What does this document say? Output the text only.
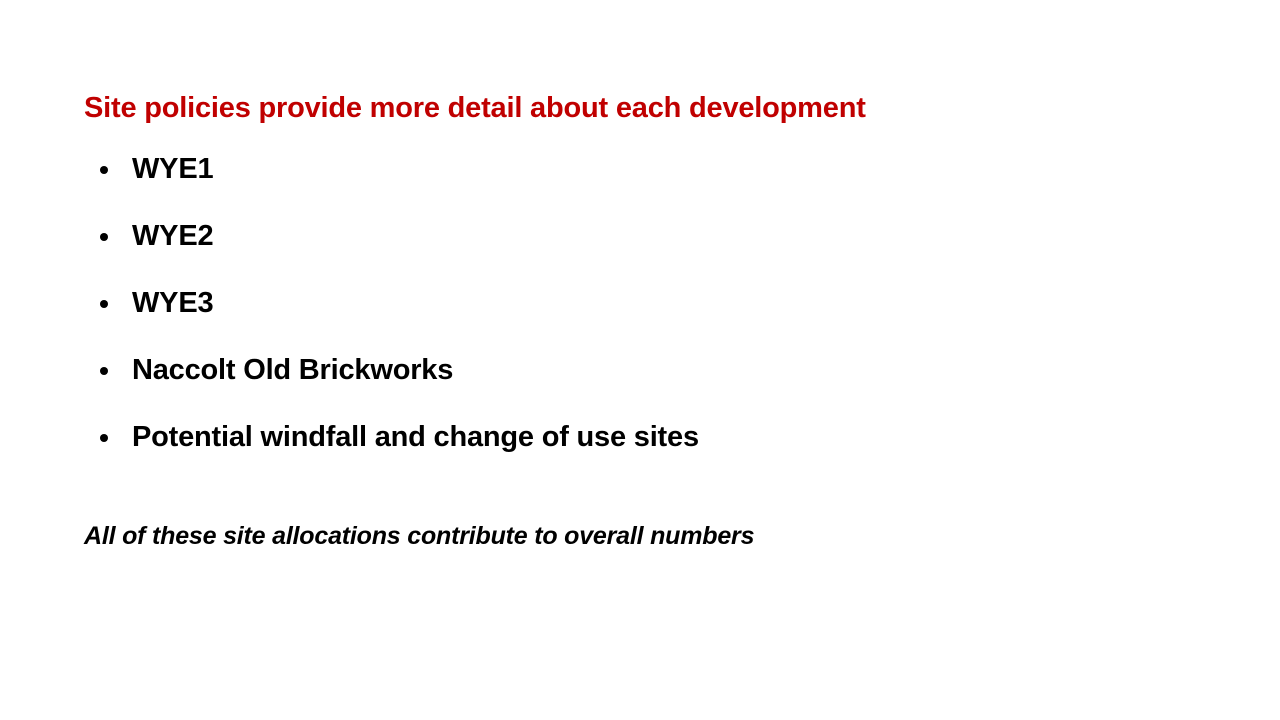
Site policies provide more detail about each development
WYE1
WYE2
WYE3
Naccolt Old Brickworks
Potential windfall and change of use sites

All of these site allocations contribute to overall numbers
